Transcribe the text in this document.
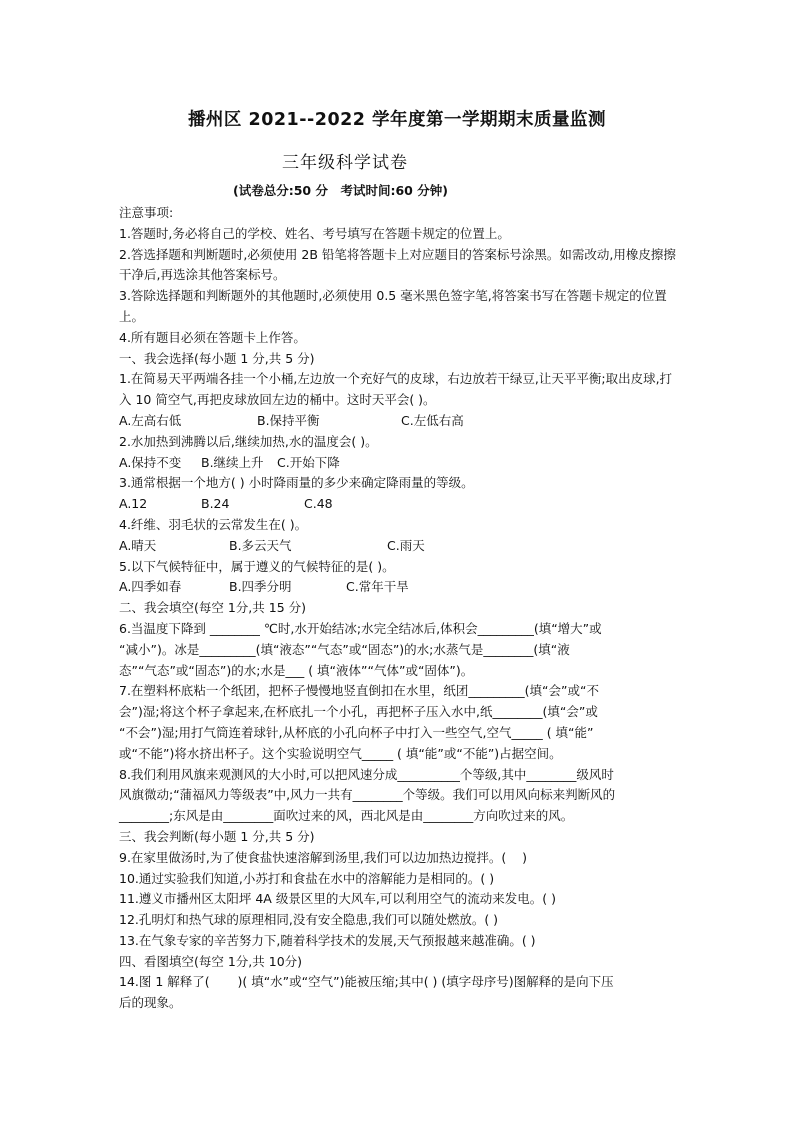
播州区 2021--2022 学年度第一学期期末质量监测
三年级科学试卷
(试卷总分:50 分　考试时间:60 分钟)
注意事项:
1.答题时,务必将自己的学校、姓名、考号填写在答题卡规定的位置上。
2.答选择题和判断题时,必须使用 2B 铅笔将答题卡上对应题目的答案标号涂黑。如需改动,用橡皮擦擦干净后,再选涂其他答案标号。
3.答除选择题和判断题外的其他题时,必须使用 0.5 毫米黑色签字笔,将答案书写在答题卡规定的位置上。
4.所有题目必须在答题卡上作答。
一、我会选择(每小题 1 分,共 5 分)
1.在简易天平两端各挂一个小桶,左边放一个充好气的皮球，右边放若干绿豆,让天平平衡;取出皮球,打入 10 简空气,再把皮球放回左边的桶中。这时天平会( )。
A.左高右低	B.保持平衡	C.左低右高
2.水加热到沸腾以后,继续加热,水的温度会( )。
A.保持不变	B.继续上升	C.开始下降
3.通常根据一个地方( ) 小时降雨量的多少来确定降雨量的等级。
A.12	B.24	C.48
4.纤维、羽毛状的云常发生在( )。
A.晴天	B.多云天气	C.雨天
5.以下气候特征中，属于遵义的气候特征的是( )。
A.四季如春	B.四季分明	C.常年干旱
二、我会填空(每空 1分,共 15 分)
6.当温度下降到 ________ ℃时,水开始结冰;水完全结冰后,体积会_________(填“增大”或
“减小”)。冰是_________(填“液态”“气态”或“固态”)的水;水蒸气是________(填“液
态”“气态”或“固态”)的水;水是___ ( 填“液体”“气体”或“固体”)。
7.在塑料杯底粘一个纸团，把杯子慢慢地竖直倒扣在水里，纸团_________(填“会”或“不
会”)湿;将这个杯子拿起来,在杯底扎一个小孔，再把杯子压入水中,纸________(填“会”或
“不会”)湿;用打气筒连着球针,从杯底的小孔向杯子中打入一些空气,空气_____ ( 填“能”
或“不能”)将水挤出杯子。这个实验说明空气_____ ( 填“能”或“不能”)占据空间。
8.我们利用风旗来观测风的大小时,可以把风速分成__________个等级,其中________级风时
风旗微动;“蒲福风力等级表”中,风力一共有________个等级。我们可以用风向标来判断风的
________;东风是由________面吹过来的风，西北风是由________方向吹过来的风。
三、我会判断(每小题 1 分,共 5 分)
9.在家里做汤时,为了使食盐快速溶解到汤里,我们可以边加热边搅拌。(    )
10.通过实验我们知道,小苏打和食盐在水中的溶解能力是相同的。( )
11.遵义市播州区太阳坪 4A 级景区里的大风车,可以利用空气的流动来发电。( )
12.孔明灯和热气球的原理相同,没有安全隐患,我们可以随处燃放。( )
13.在气象专家的辛苦努力下,随着科学技术的发展,天气预报越来越准确。( )
四、看图填空(每空 1分,共 10分)
14.图 1 解释了(       )( 填“水”或“空气”)能被压缩;其中( ) (填字母序号)图解释的是向下压
后的现象。
